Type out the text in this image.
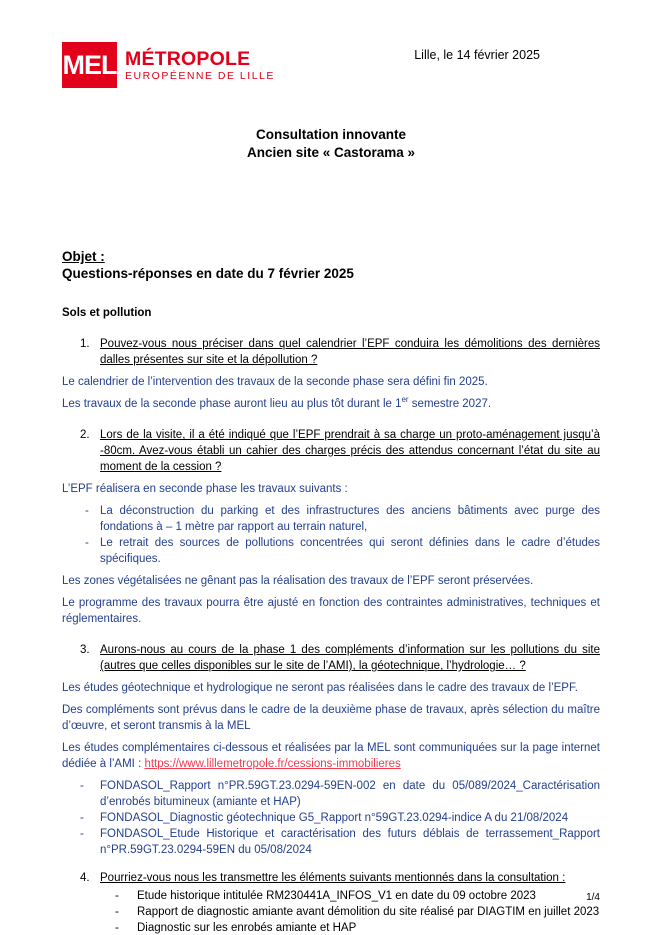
MEL MÉTROPOLE
EUROPÉENNE DE LILLE
Lille, le 14 février 2025
Consultation innovante
Ancien site « Castorama »
Objet :
Questions-réponses en date du 7 février 2025
Sols et pollution
1. Pouvez-vous nous préciser dans quel calendrier l’EPF conduira les démolitions des dernières dalles présentes sur site et la dépollution ?

Le calendrier de l’intervention des travaux de la seconde phase sera défini fin 2025.

Les travaux de la seconde phase auront lieu au plus tôt durant le 1er semestre 2027.

2. Lors de la visite, il a été indiqué que l’EPF prendrait à sa charge un proto-aménagement jusqu’à -80cm. Avez-vous établi un cahier des charges précis des attendus concernant l’état du site au moment de la cession ?

L’EPF réalisera en seconde phase les travaux suivants :

- La déconstruction du parking et des infrastructures des anciens bâtiments avec purge des fondations à – 1 mètre par rapport au terrain naturel,
- Le retrait des sources de pollutions concentrées qui seront définies dans le cadre d’études spécifiques.

Les zones végétalisées ne gênant pas la réalisation des travaux de l’EPF seront préservées.

Le programme des travaux pourra être ajusté en fonction des contraintes administratives, techniques et réglementaires.

3. Aurons-nous au cours de la phase 1 des compléments d’information sur les pollutions du site (autres que celles disponibles sur le site de l’AMI), la géotechnique, l’hydrologie… ?

Les études géotechnique et hydrologique ne seront pas réalisées dans le cadre des travaux de l’EPF.

Des compléments sont prévus dans le cadre de la deuxième phase de travaux, après sélection du maître d’œuvre, et seront transmis à la MEL

Les études complémentaires ci-dessous et réalisées par la MEL sont communiquées sur la page internet dédiée à l’AMI : https://www.lillemetropole.fr/cessions-immobilieres

-	FONDASOL_Rapport n°PR.59GT.23.0294-59EN-002 en date du 05/089/2024_Caractérisation d’enrobés bitumineux (amiante et HAP)
-	FONDASOL_Diagnostic géotechnique G5_Rapport n°59GT.23.0294-indice A du 21/08/2024
-	FONDASOL_Etude Historique et caractérisation des futurs déblais de terrassement_Rapport n°PR.59GT.23.0294-59EN du 05/08/2024
4. Pourriez-vous nous les transmettre les éléments suivants mentionnés dans la consultation :
-	Etude historique intitulée RM230441A_INFOS_V1 en date du 09 octobre 2023
-	Rapport de diagnostic amiante avant démolition du site réalisé par DIAGTIM en juillet 2023
-	Diagnostic sur les enrobés amiante et HAP
1/4
